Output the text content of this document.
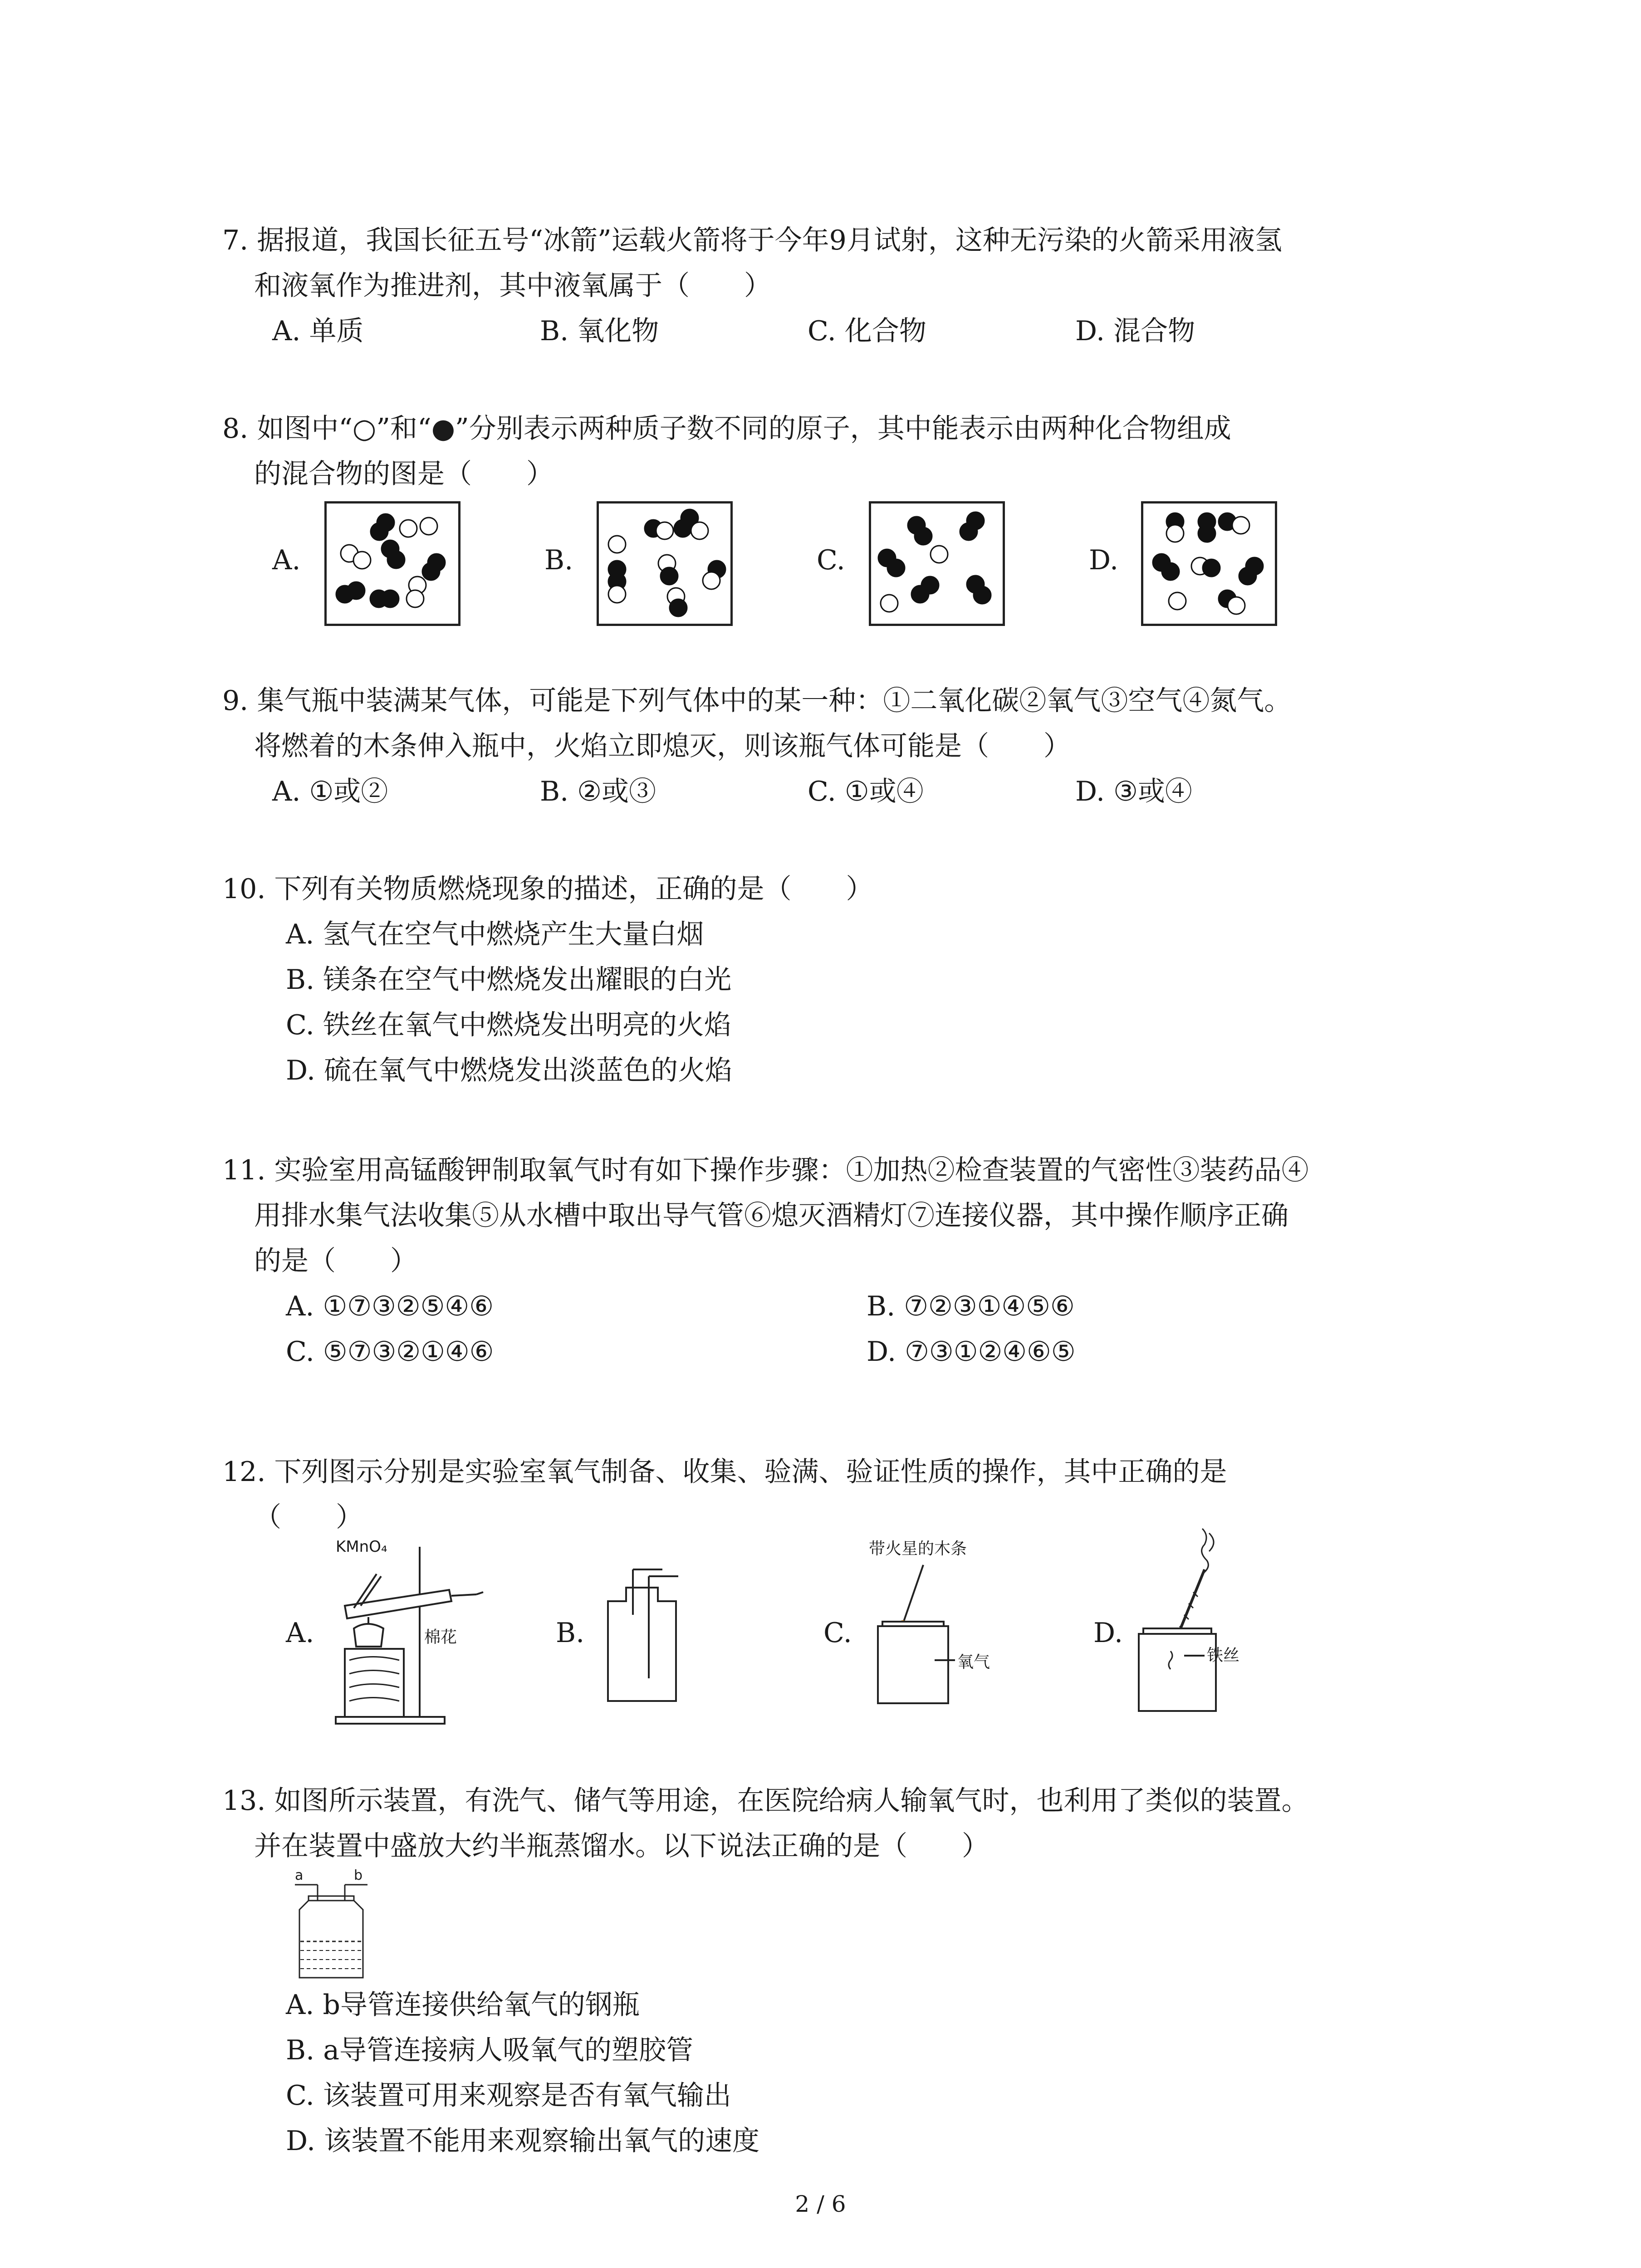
7. 据报道，我国长征五号“冰箭”运载火箭将于今年9月试射，这种无污染的火箭采用液氢

和液氧作为推进剂，其中液氧属于（　　）

A. 单质	B. 氧化物	C. 化合物	D. 混合物

8. 如图中“○”和“●”分别表示两种质子数不同的原子，其中能表示由两种化合物组成

的混合物的图是（　　）

A.	B.	C.	D.

9. 集气瓶中装满某气体，可能是下列气体中的某一种：①二氧化碳②氧气③空气④氮气。

将燃着的木条伸入瓶中，火焰立即熄灭，则该瓶气体可能是（　　）

A. ①或②	B. ②或③	C. ①或④	D. ③或④

10. 下列有关物质燃烧现象的描述，正确的是（　　）

A. 氢气在空气中燃烧产生大量白烟

B. 镁条在空气中燃烧发出耀眼的白光

C. 铁丝在氧气中燃烧发出明亮的火焰

D. 硫在氧气中燃烧发出淡蓝色的火焰

11. 实验室用高锰酸钾制取氧气时有如下操作步骤：①加热②检查装置的气密性③装药品④

用排水集气法收集⑤从水槽中取出导气管⑥熄灭酒精灯⑦连接仪器，其中操作顺序正确

的是（　　）

A. ①⑦③②⑤④⑥	B. ⑦②③①④⑤⑥
C. ⑤⑦③②①④⑥	D. ⑦③①②④⑥⑤

12. 下列图示分别是实验室氧气制备、收集、验满、验证性质的操作，其中正确的是

（　　）

A.	B.	C.	D.
KMnO₄
棉花
带火星的木条
氧气	铁丝

13. 如图所示装置，有洗气、储气等用途，在医院给病人输氧气时，也利用了类似的装置。

并在装置中盛放大约半瓶蒸馏水。以下说法正确的是（　　）

a	b

A. b导管连接供给氧气的钢瓶

B. a导管连接病人吸氧气的塑胶管

C. 该装置可用来观察是否有氧气输出

D. 该装置不能用来观察输出氧气的速度

2 / 6
